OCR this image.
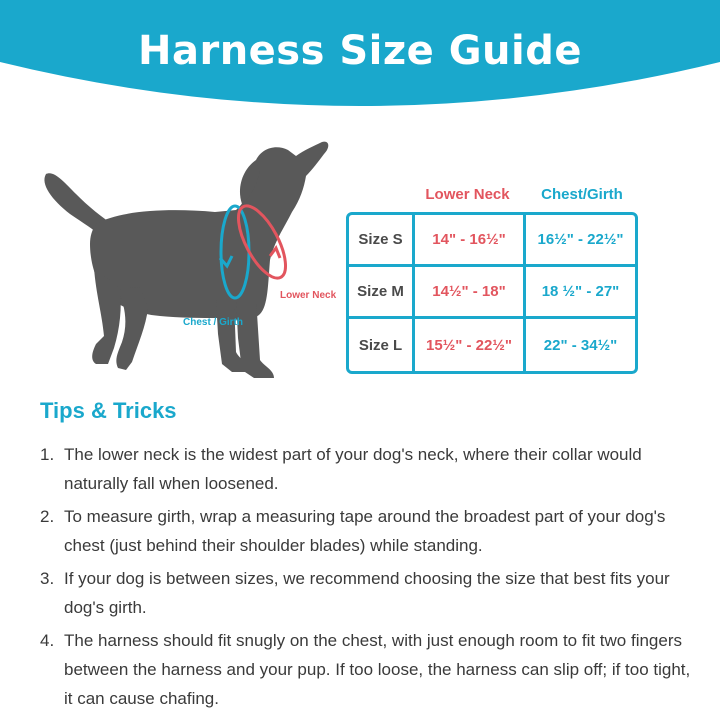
Harness Size Guide
Lower Neck
Chest / Girth
Lower Neck	Chest/Girth
Size S	14" - 16½"	16½" - 22½"
Size M	14½" - 18"	18 ½" - 27"
Size L	15½" - 22½"	22" - 34½"
Tips & Tricks
1. The lower neck is the widest part of your dog's neck, where their collar would naturally fall when loosened.
2. To measure girth, wrap a measuring tape around the broadest part of your dog's chest (just behind their shoulder blades) while standing.
3. If your dog is between sizes, we recommend choosing the size that best fits your dog's girth.
4. The harness should fit snugly on the chest, with just enough room to fit two fingers between the harness and your pup. If too loose, the harness can slip off; if too tight, it can cause chafing.
